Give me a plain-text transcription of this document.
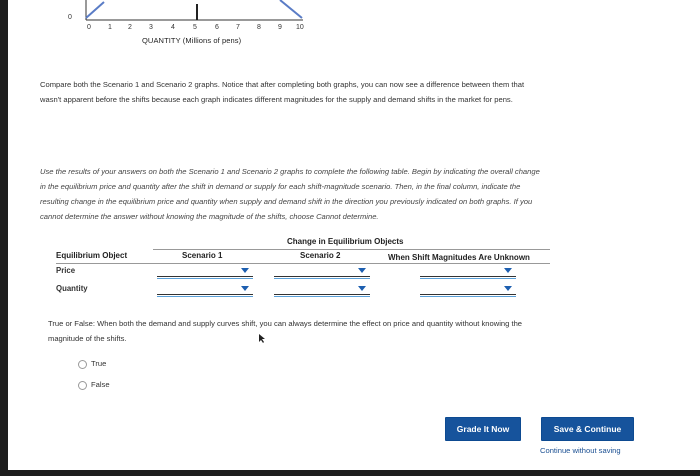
0
0 1 2 3	4	5	6 7 8 9 10
QUANTITY (Millions of pens)
Compare both the Scenario 1 and Scenario 2 graphs. Notice that after completing both graphs, you can now see a difference between them that
wasn't apparent before the shifts because each graph indicates different magnitudes for the supply and demand shifts in the market for pens.
Use the results of your answers on both the Scenario 1 and Scenario 2 graphs to complete the following table. Begin by indicating the overall change
in the equilibrium price and quantity after the shift in demand or supply for each shift-magnitude scenario. Then, in the final column, indicate the
resulting change in the equilibrium price and quantity when supply and demand shift in the direction you previously indicated on both graphs. If you
cannot determine the answer without knowing the magnitude of the shifts, choose Cannot determine.
Change in Equilibrium Objects
Equilibrium Object	Scenario 1	Scenario 2	When Shift Magnitudes Are Unknown
Price
Quantity
True or False: When both the demand and supply curves shift, you can always determine the effect on price and quantity without knowing the
magnitude of the shifts.
True
False
Grade It Now	Save & Continue
Continue without saving
